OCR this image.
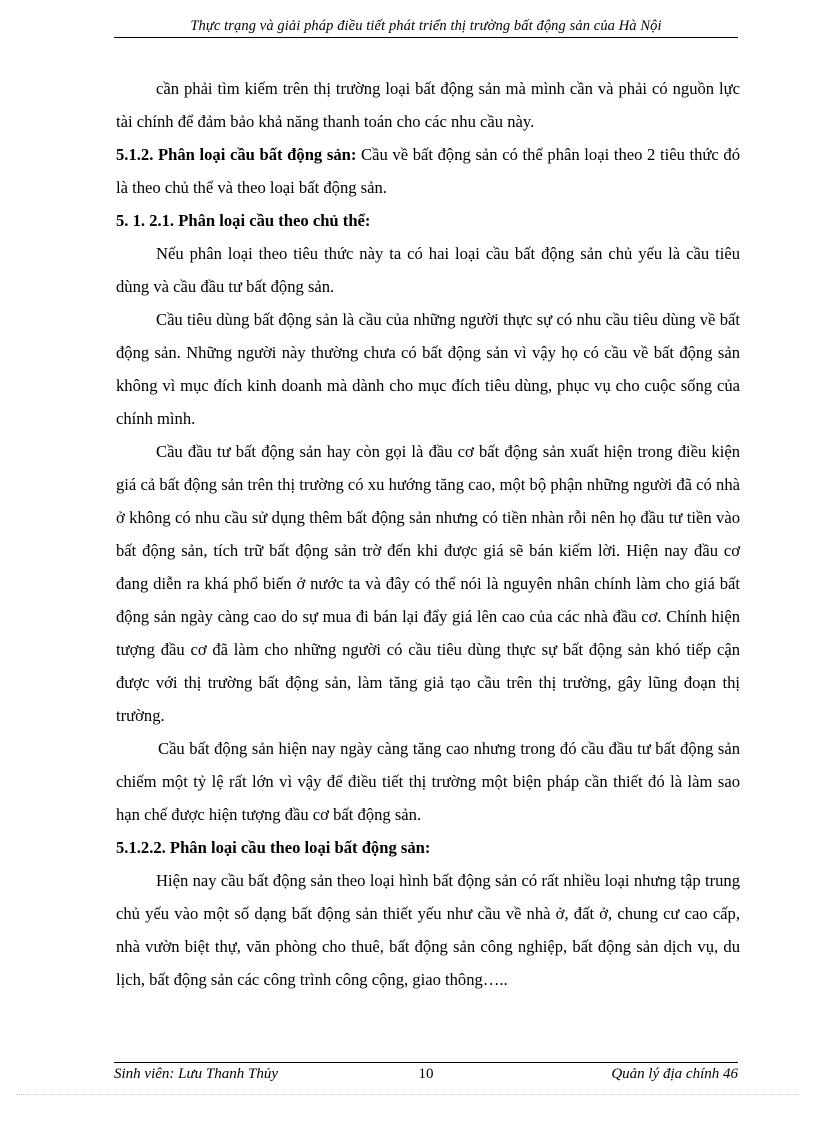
Thực trạng và giải pháp điều tiết phát triển thị trường bất động sản của Hà Nội

cần phải tìm kiếm trên thị trường loại bất động sản mà mình cần và phải có nguồn lực tài chính để đảm bảo khả năng thanh toán cho các nhu cầu này.

5.1.2. Phân loại cầu bất động sản: Cầu về bất động sản có thể phân loại theo 2 tiêu thức đó là theo chủ thể và theo loại bất động sản.

5. 1. 2.1. Phân loại cầu theo chủ thể:

Nếu phân loại theo tiêu thức này ta có hai loại cầu bất động sản chủ yếu là cầu tiêu dùng và cầu đầu tư bất động sản.

Cầu tiêu dùng bất động sản là cầu của những người thực sự có nhu cầu tiêu dùng về bất động sản. Những người này thường chưa có bất động sản vì vậy họ có cầu về bất động sản không vì mục đích kinh doanh mà dành cho mục đích tiêu dùng, phục vụ cho cuộc sống của chính mình.

Cầu đầu tư bất động sản hay còn gọi là đầu cơ bất động sản xuất hiện trong điều kiện giá cả bất động sản trên thị trường có xu hướng tăng cao, một bộ phận những người đã có nhà ở không có nhu cầu sử dụng thêm bất động sản nhưng có tiền nhàn rỗi nên họ đầu tư tiền vào bất động sản, tích trữ bất động sản trờ đến khi được giá sẽ bán kiếm lời. Hiện nay đầu cơ đang diễn ra khá phổ biến ở nước ta và đây có thể nói là nguyên nhân chính làm cho giá bất động sản ngày càng cao do sự mua đi bán lại đẩy giá lên cao của các nhà đầu cơ. Chính hiện tượng đầu cơ đã làm cho những người có cầu tiêu dùng thực sự bất động sản khó tiếp cận được với thị trường bất động sản, làm tăng giả tạo cầu trên thị trường, gây lũng đoạn thị trường.

Cầu bất động sản hiện nay ngày càng tăng cao nhưng trong đó cầu đầu tư bất động sản chiếm một tỷ lệ rất lớn vì vậy để điều tiết thị trường một biện pháp cần thiết đó là làm sao hạn chế được hiện tượng đầu cơ bất động sản.

5.1.2.2. Phân loại cầu theo loại bất động sản:

Hiện nay cầu bất động sản theo loại hình bất động sản có rất nhiều loại nhưng tập trung chủ yếu vào một số dạng bất động sản thiết yếu như cầu về nhà ở, đất ở, chung cư cao cấp, nhà vườn biệt thự, văn phòng cho thuê, bất động sản công nghiệp, bất động sản dịch vụ, du lịch, bất động sản các công trình công cộng, giao thông…..

Sinh viên: Lưu Thanh Thủy	10	Quản lý địa chính 46
